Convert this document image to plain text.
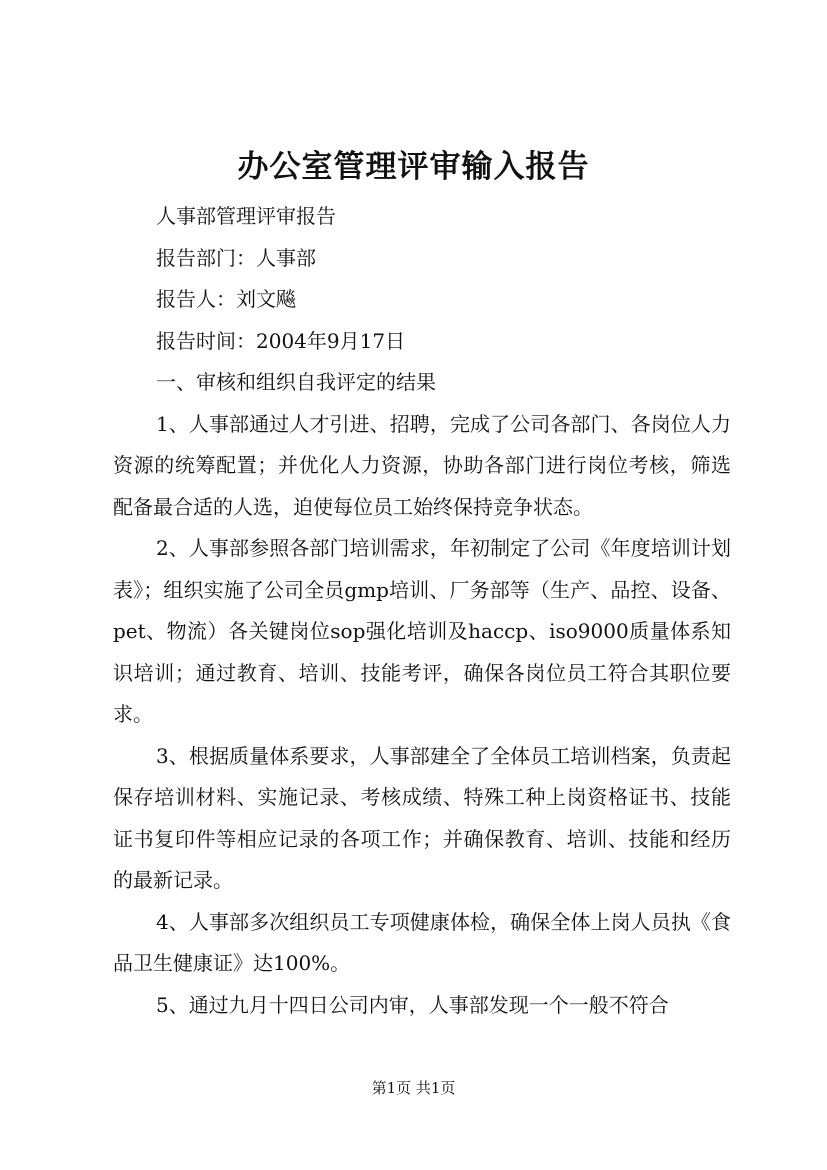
办公室管理评审输入报告
人事部管理评审报告
报告部门：人事部
报告人：刘文飚
报告时间：2004年9月17日
一、审核和组织自我评定的结果
1、人事部通过人才引进、招聘，完成了公司各部门、各岗位人力资源的统筹配置；并优化人力资源，协助各部门进行岗位考核，筛选配备最合适的人选，迫使每位员工始终保持竞争状态。
2、人事部参照各部门培训需求，年初制定了公司《年度培训计划表》；组织实施了公司全员gmp培训、厂务部等（生产、品控、设备、pet、物流）各关键岗位sop强化培训及haccp、iso9000质量体系知识培训；通过教育、培训、技能考评，确保各岗位员工符合其职位要求。
3、根据质量体系要求，人事部建全了全体员工培训档案，负责起保存培训材料、实施记录、考核成绩、特殊工种上岗资格证书、技能证书复印件等相应记录的各项工作；并确保教育、培训、技能和经历的最新记录。
4、人事部多次组织员工专项健康体检，确保全体上岗人员执《食品卫生健康证》达100%。
5、通过九月十四日公司内审，人事部发现一个一般不符合
第1页 共1页
